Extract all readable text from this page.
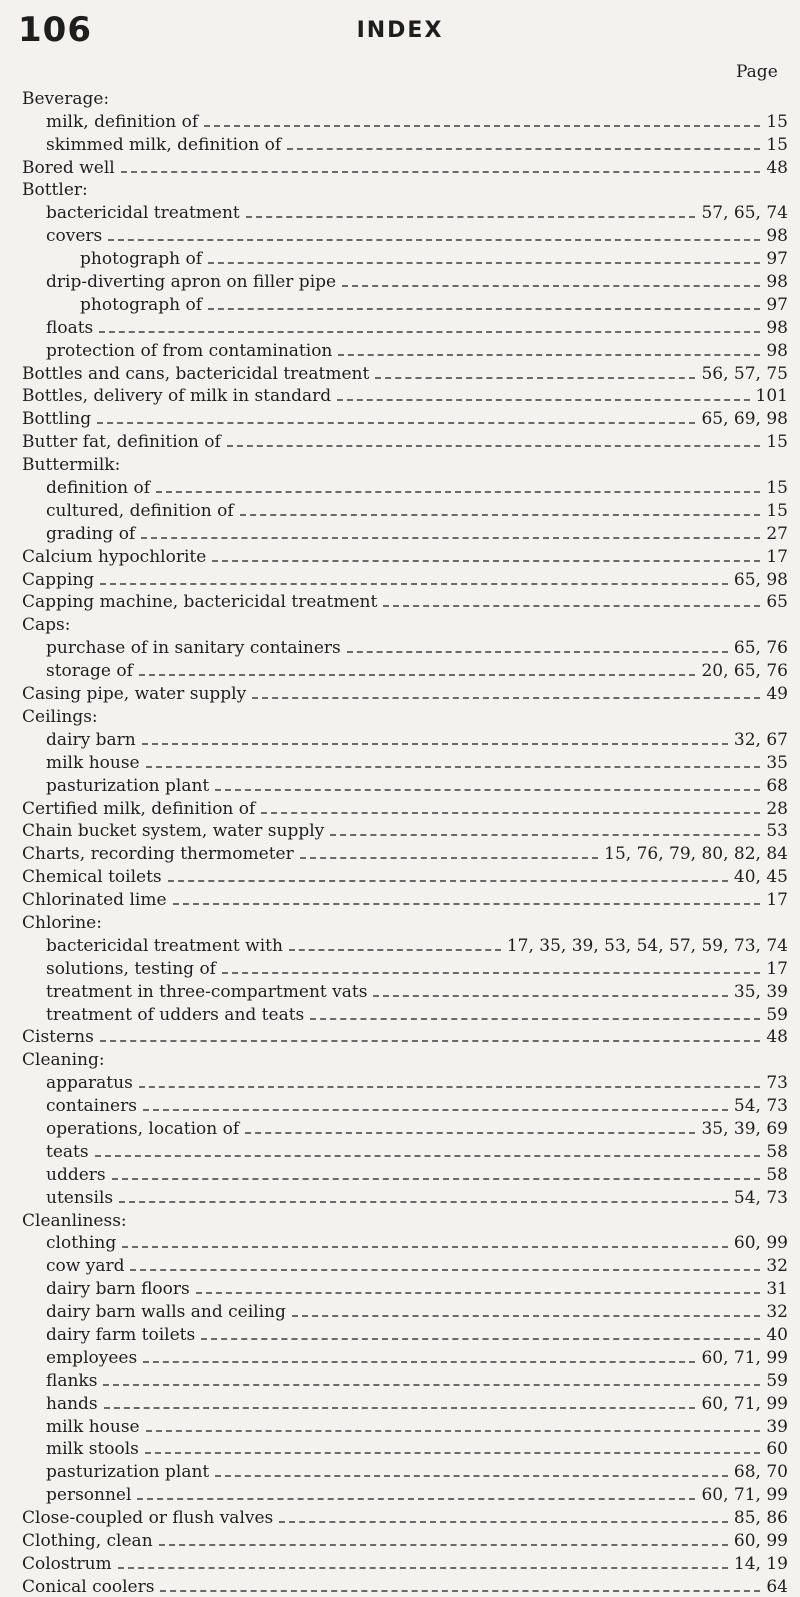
106	INDEX
Page
Beverage:
milk, definition of	15
skimmed milk, definition of	15
Bored well	48
Bottler:
bactericidal treatment	57, 65, 74
covers	98
photograph of	97
drip-diverting apron on filler pipe	98
photograph of	97
floats	98
protection of from contamination	98
Bottles and cans, bactericidal treatment	56, 57, 75
Bottles, delivery of milk in standard	101
Bottling	65, 69, 98
Butter fat, definition of	15
Buttermilk:
definition of	15
cultured, definition of	15
grading of	27
Calcium hypochlorite	17
Capping	65, 98
Capping machine, bactericidal treatment	65
Caps:
purchase of in sanitary containers	65, 76
storage of	20, 65, 76
Casing pipe, water supply	49
Ceilings:
dairy barn	32, 67
milk house	35
pasturization plant	68
Certified milk, definition of	28
Chain bucket system, water supply	53
Charts, recording thermometer	15, 76, 79, 80, 82, 84
Chemical toilets	40, 45
Chlorinated lime	17
Chlorine:
bactericidal treatment with	17, 35, 39, 53, 54, 57, 59, 73, 74
solutions, testing of	17
treatment in three-compartment vats	35, 39
treatment of udders and teats	59
Cisterns	48
Cleaning:
apparatus	73
containers	54, 73
operations, location of	35, 39, 69
teats	58
udders	58
utensils	54, 73
Cleanliness:
clothing	60, 99
cow yard	32
dairy barn floors	31
dairy barn walls and ceiling	32
dairy farm toilets	40
employees	60, 71, 99
flanks	59
hands	60, 71, 99
milk house	39
milk stools	60
pasturization plant	68, 70
personnel	60, 71, 99
Close-coupled or flush valves	85, 86
Clothing, clean	60, 99
Colostrum	14, 19
Conical coolers	64
